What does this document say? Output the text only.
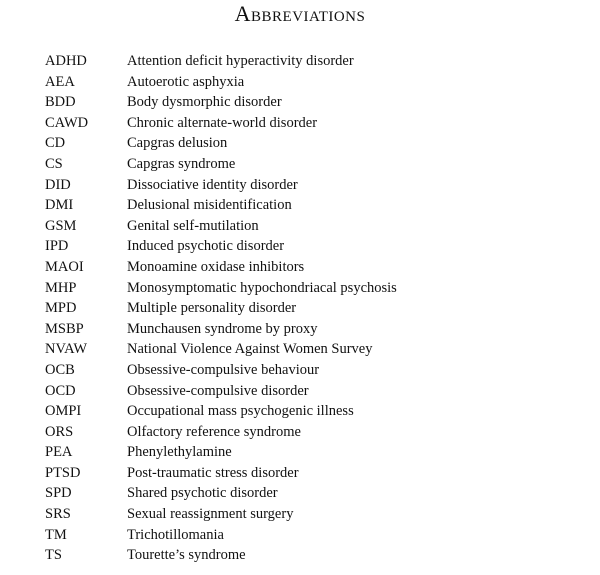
Abbreviations
ADHD	Attention deficit hyperactivity disorder
AEA	Autoerotic asphyxia
BDD	Body dysmorphic disorder
CAWD	Chronic alternate-world disorder
CD	Capgras delusion
CS	Capgras syndrome
DID	Dissociative identity disorder
DMI	Delusional misidentification
GSM	Genital self-mutilation
IPD	Induced psychotic disorder
MAOI	Monoamine oxidase inhibitors
MHP	Monosymptomatic hypochondriacal psychosis
MPD	Multiple personality disorder
MSBP	Munchausen syndrome by proxy
NVAW	National Violence Against Women Survey
OCB	Obsessive-compulsive behaviour
OCD	Obsessive-compulsive disorder
OMPI	Occupational mass psychogenic illness
ORS	Olfactory reference syndrome
PEA	Phenylethylamine
PTSD	Post-traumatic stress disorder
SPD	Shared psychotic disorder
SRS	Sexual reassignment surgery
TM	Trichotillomania
TS	Tourette’s syndrome
